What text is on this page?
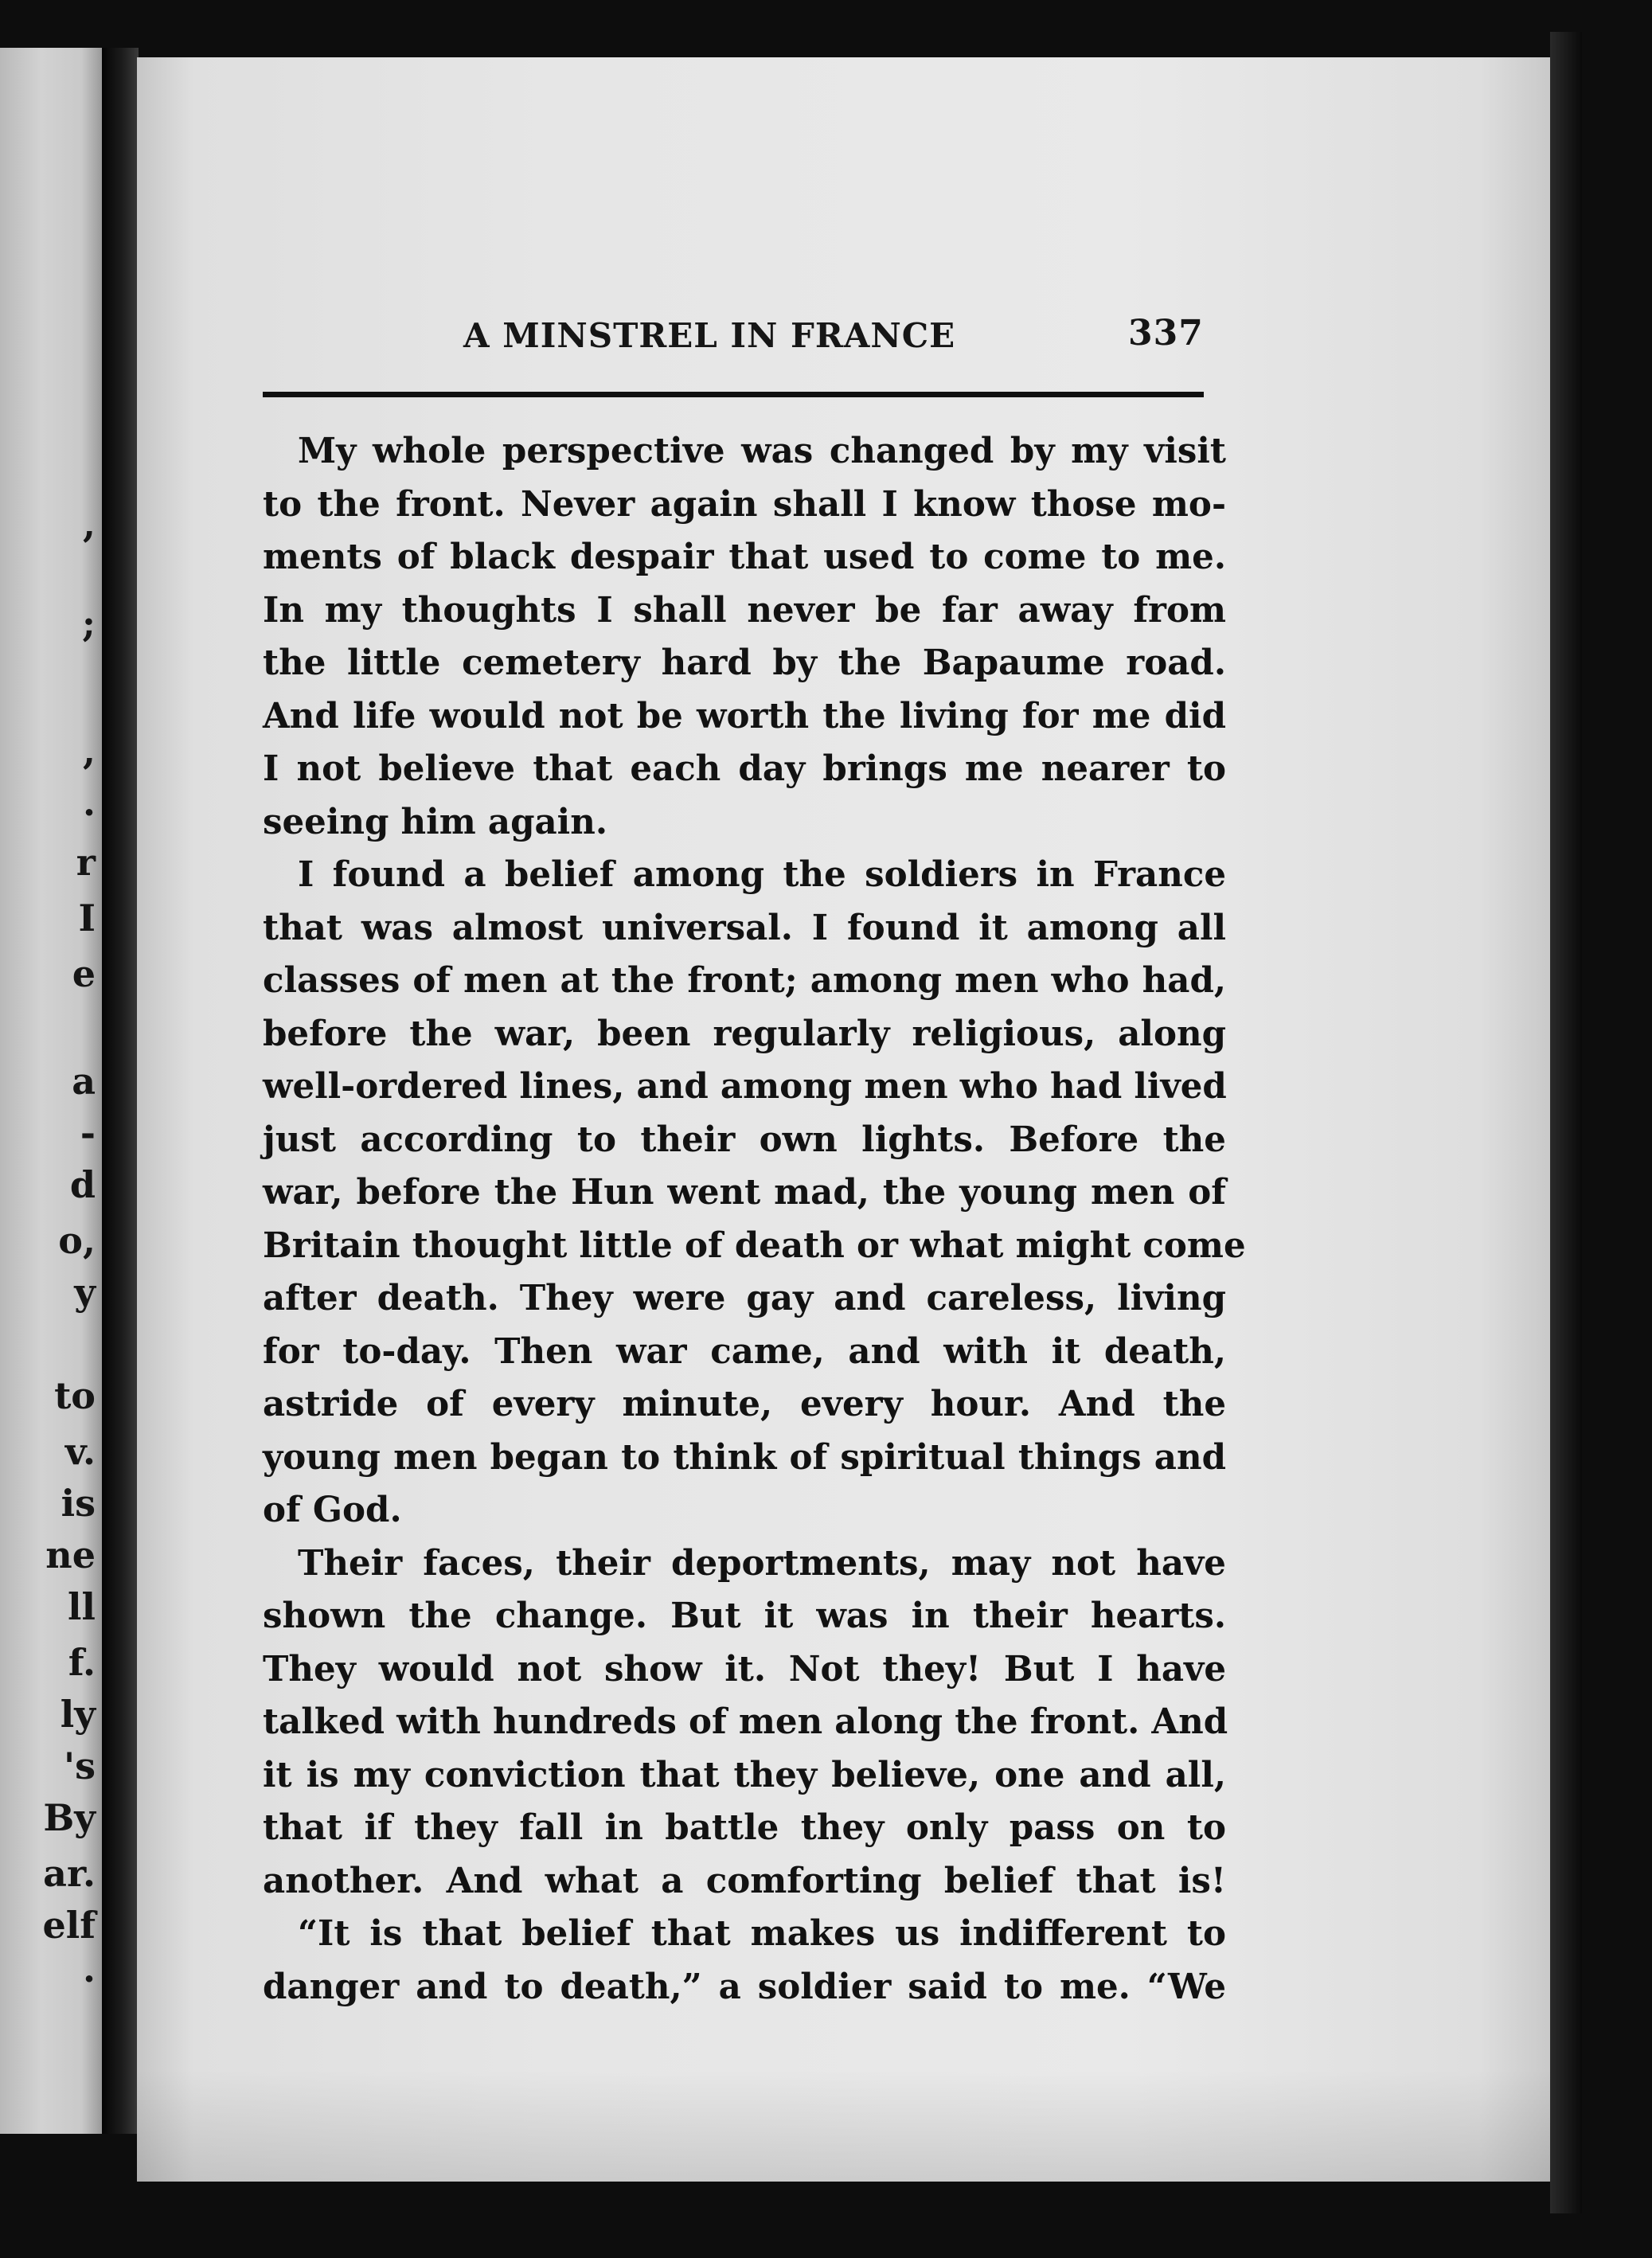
,
;
,
.
r
I
e
a
-
d
o,
y
to
v.
is
ne
ll
f.
ly
's
By
ar.
elf
.
A MINSTREL IN FRANCE	337
My whole perspective was changed by my visit
to the front. Never again shall I know those mo-
ments of black despair that used to come to me.
In my thoughts I shall never be far away from
the little cemetery hard by the Bapaume road.
And life would not be worth the living for me did
I not believe that each day brings me nearer to
seeing him again.
I found a belief among the soldiers in France
that was almost universal. I found it among all
classes of men at the front; among men who had,
before the war, been regularly religious, along
well-ordered lines, and among men who had lived
just according to their own lights. Before the
war, before the Hun went mad, the young men of
Britain thought little of death or what might come
after death. They were gay and careless, living
for to-day. Then war came, and with it death,
astride of every minute, every hour. And the
young men began to think of spiritual things and
of God.
Their faces, their deportments, may not have
shown the change. But it was in their hearts.
They would not show it. Not they! But I have
talked with hundreds of men along the front. And
it is my conviction that they believe, one and all,
that if they fall in battle they only pass on to
another. And what a comforting belief that is!
“It is that belief that makes us indifferent to
danger and to death,” a soldier said to me. “We
